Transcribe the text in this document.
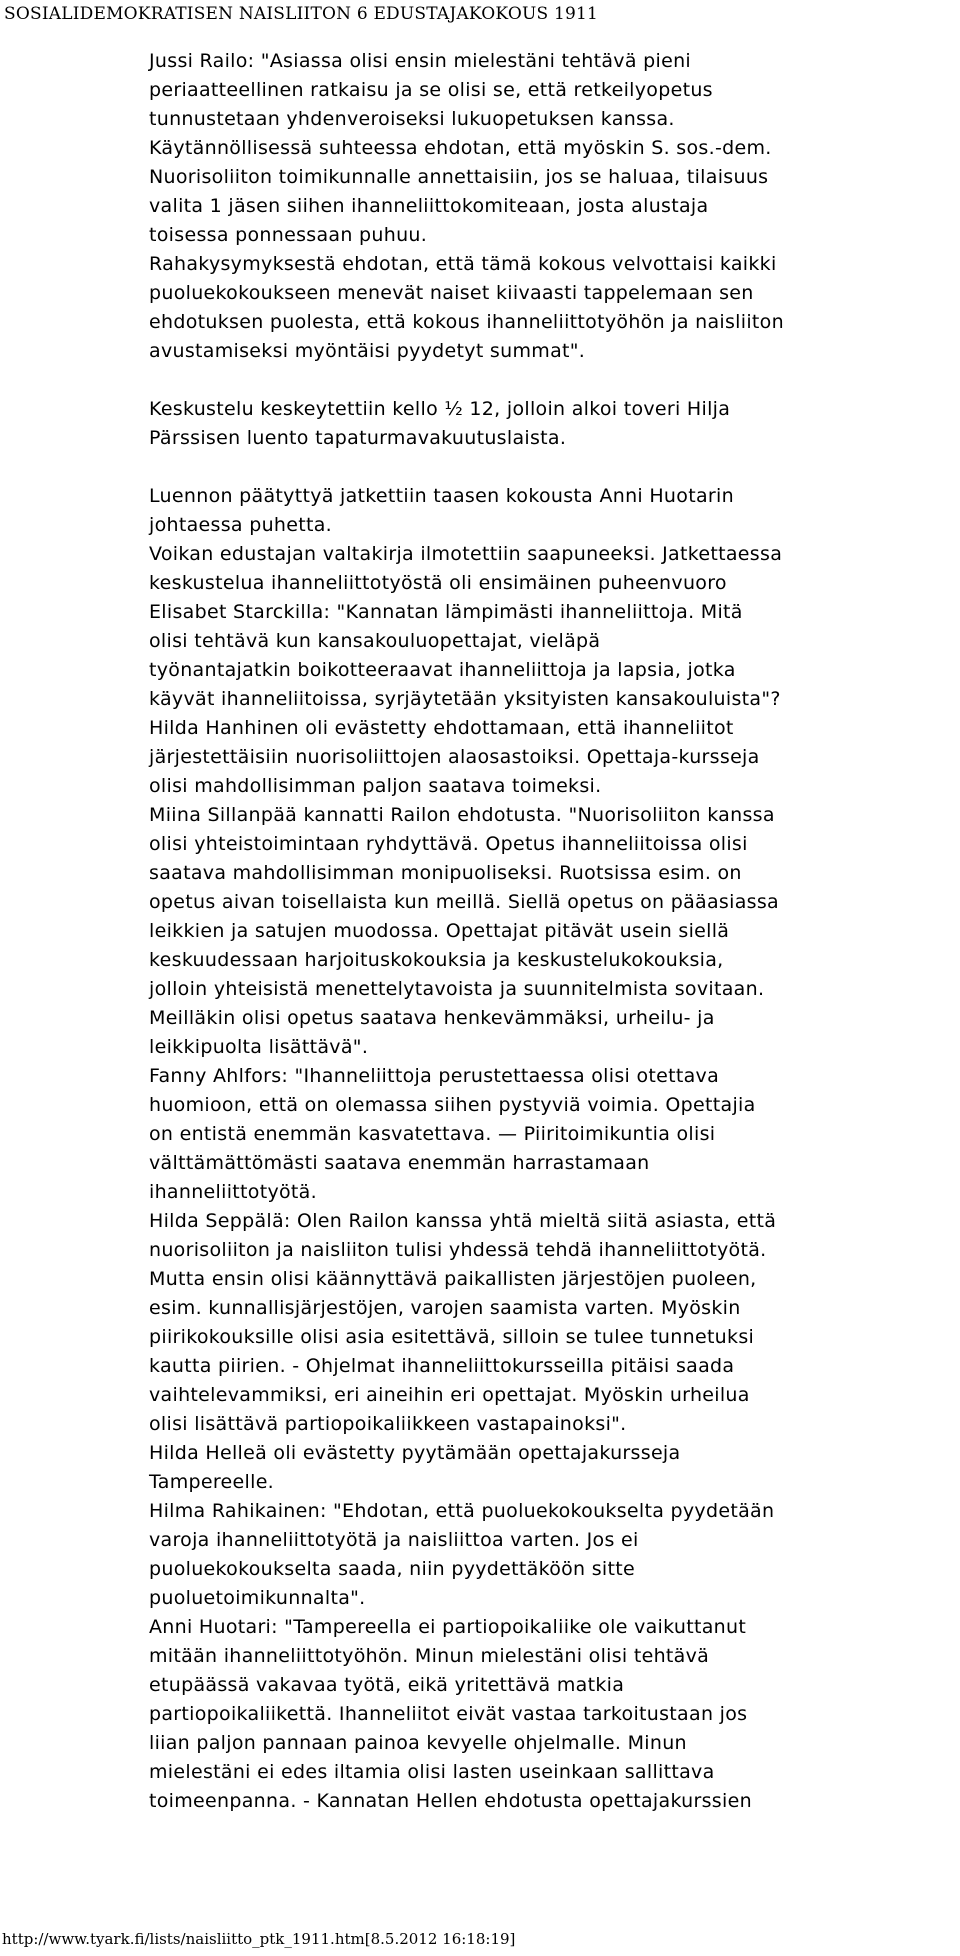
SOSIALIDEMOKRATISEN NAISLIITON 6 EDUSTAJAKOKOUS 1911
Jussi Railo: "Asiassa olisi ensin mielestäni tehtävä pieni
periaatteellinen ratkaisu ja se olisi se, että retkeilyopetus
tunnustetaan yhdenveroiseksi lukuopetuksen kanssa.
Käytännöllisessä suhteessa ehdotan, että myöskin S. sos.-dem.
Nuorisoliiton toimikunnalle annettaisiin, jos se haluaa, tilaisuus
valita 1 jäsen siihen ihanneliittokomiteaan, josta alustaja
toisessa ponnessaan puhuu.
Rahakysymyksestä ehdotan, että tämä kokous velvottaisi kaikki
puoluekokoukseen menevät naiset kiivaasti tappelemaan sen
ehdotuksen puolesta, että kokous ihanneliittotyöhön ja naisliiton
avustamiseksi myöntäisi pyydetyt summat".
Keskustelu keskeytettiin kello ½ 12, jolloin alkoi toveri Hilja
Pärssisen luento tapaturmavakuutuslaista.
Luennon päätyttyä jatkettiin taasen kokousta Anni Huotarin
johtaessa puhetta.
Voikan edustajan valtakirja ilmotettiin saapuneeksi. Jatkettaessa
keskustelua ihanneliittotyöstä oli ensimäinen puheenvuoro
Elisabet Starckilla: "Kannatan lämpimästi ihanneliittoja. Mitä
olisi tehtävä kun kansakouluopettajat, vieläpä
työnantajatkin boikotteeraavat ihanneliittoja ja lapsia, jotka
käyvät ihanneliitoissa, syrjäytetään yksityisten kansakouluista"?
Hilda Hanhinen oli evästetty ehdottamaan, että ihanneliitot
järjestettäisiin nuorisoliittojen alaosastoiksi. Opettaja-kursseja
olisi mahdollisimman paljon saatava toimeksi.
Miina Sillanpää kannatti Railon ehdotusta. "Nuorisoliiton kanssa
olisi yhteistoimintaan ryhdyttävä. Opetus ihanneliitoissa olisi
saatava mahdollisimman monipuoliseksi. Ruotsissa esim. on
opetus aivan toisellaista kun meillä. Siellä opetus on pääasiassa
leikkien ja satujen muodossa. Opettajat pitävät usein siellä
keskuudessaan harjoituskokouksia ja keskustelukokouksia,
jolloin yhteisistä menettelytavoista ja suunnitelmista sovitaan.
Meilläkin olisi opetus saatava henkevämmäksi, urheilu- ja
leikkipuolta lisättävä".
Fanny Ahlfors: "Ihanneliittoja perustettaessa olisi otettava
huomioon, että on olemassa siihen pystyviä voimia. Opettajia
on entistä enemmän kasvatettava. — Piiritoimikuntia olisi
välttämättömästi saatava enemmän harrastamaan
ihanneliittotyötä.
Hilda Seppälä: Olen Railon kanssa yhtä mieltä siitä asiasta, että
nuorisoliiton ja naisliiton tulisi yhdessä tehdä ihanneliittotyötä.
Mutta ensin olisi käännyttävä paikallisten järjestöjen puoleen,
esim. kunnallisjärjestöjen, varojen saamista varten. Myöskin
piirikokouksille olisi asia esitettävä, silloin se tulee tunnetuksi
kautta piirien. - Ohjelmat ihanneliittokursseilla pitäisi saada
vaihtelevammiksi, eri aineihin eri opettajat. Myöskin urheilua
olisi lisättävä partiopoikaliikkeen vastapainoksi".
Hilda Helleä oli evästetty pyytämään opettajakursseja
Tampereelle.
Hilma Rahikainen: "Ehdotan, että puoluekokoukselta pyydetään
varoja ihanneliittotyötä ja naisliittoa varten. Jos ei
puoluekokoukselta saada, niin pyydettäköön sitte
puoluetoimikunnalta".
Anni Huotari: "Tampereella ei partiopoikaliike ole vaikuttanut
mitään ihanneliittotyöhön. Minun mielestäni olisi tehtävä
etupäässä vakavaa työtä, eikä yritettävä matkia
partiopoikaliikettä. Ihanneliitot eivät vastaa tarkoitustaan jos
liian paljon pannaan painoa kevyelle ohjelmalle. Minun
mielestäni ei edes iltamia olisi lasten useinkaan sallittava
toimeenpanna. - Kannatan Hellen ehdotusta opettajakurssien
http://www.tyark.fi/lists/naisliitto_ptk_1911.htm[8.5.2012 16:18:19]
